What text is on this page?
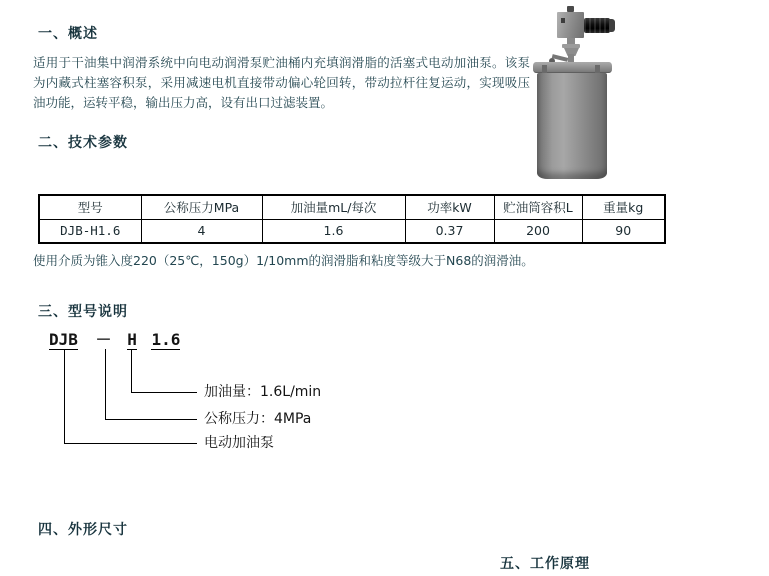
一、概述

适用于干油集中润滑系统中向电动润滑泵贮油桶内充填润滑脂的活塞式电动加油泵。该泵为内藏式柱塞容积泵，采用减速电机直接带动偏心轮回转，带动拉杆往复运动，实现吸压油功能，运转平稳，输出压力高，设有出口过滤装置。

二、技术参数
型号	公称压力MPa	加油量mL/每次	功率kW	贮油筒容积L	重量kg
DJB-H1.6	4	1.6	0.37	200	90

使用介质为锥入度220（25℃，150g）1/10mm的润滑脂和粘度等级大于N68的润滑油。

三、型号说明
DJB － H 1.6
加油量：1.6L/min
公称压力：4MPa
电动加油泵
四、外形尺寸
五、工作原理
